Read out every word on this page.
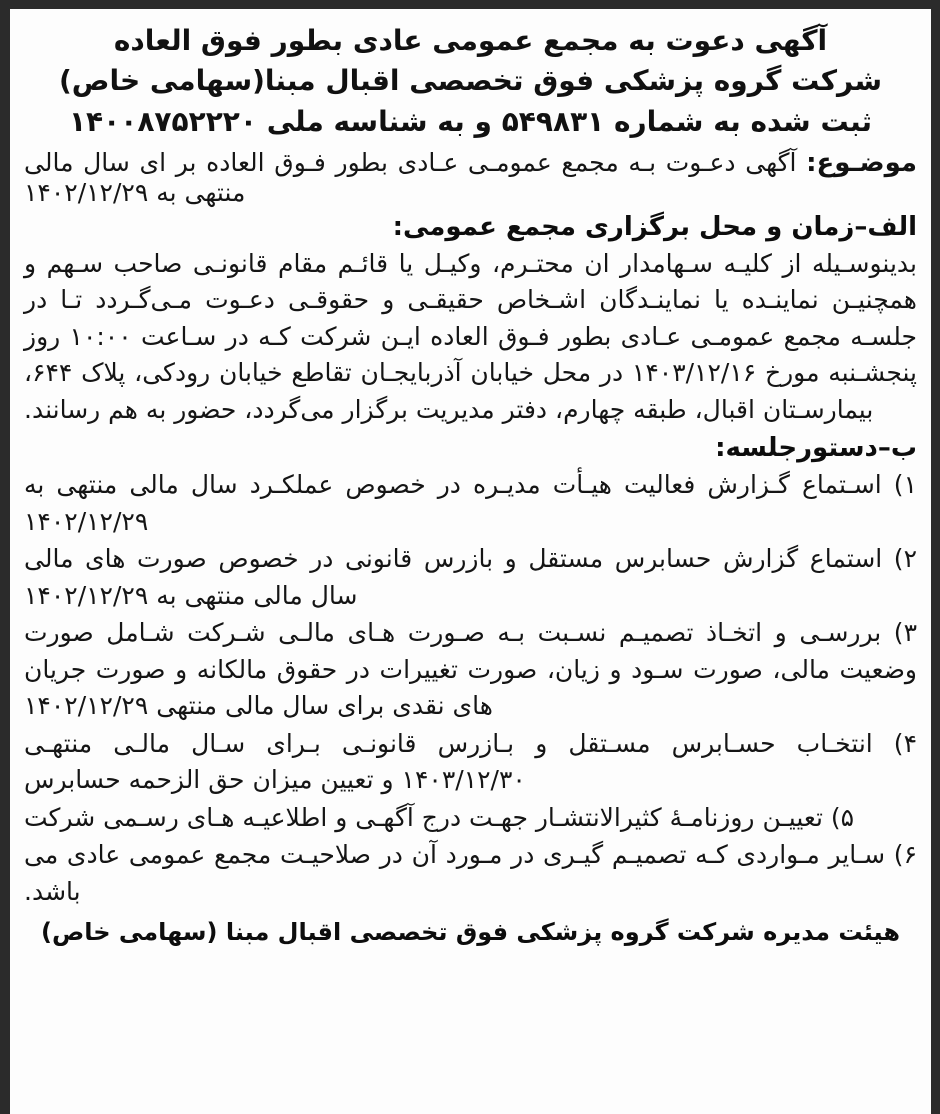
آگهی دعوت به مجمع عمومی عادی بطور فوق العاده
شرکت گروه پزشکی فوق تخصصی اقبال مبنا(سهامی خاص)
ثبت شده به شماره ۵۴۹۸۳۱ و به شناسه ملی ۱۴۰۰۸۷۵۲۲۲۰
موضـوع: آگهی دعـوت بـه مجمع عمومـی عـادی بطور فـوق العاده بر ای سال مالی منتهی به ۱۴۰۲/۱۲/۲۹
الف–زمان و محل برگزاری مجمع عمومی:

بدینوسـیله از کلیـه سـهامدار ان محتـرم، وکیـل یا قائـم مقام قانونـی صاحب سـهم و همچنیـن نماینـده یا نماینـدگان اشـخاص حقیقـی و حقوقـی دعـوت مـی‌گـردد تـا در جلسـه مجمع عمومـی عـادی بطور فـوق العاده ایـن شرکت کـه در سـاعت ۱۰:۰۰ روز پنجشـنبه مورخ ۱۴۰۳/۱۲/۱۶ در محل خیابان آذربایجـان تقاطع خیابان رودکی، پلاک ۶۴۴، بیمارسـتان اقبال، طبقه چهارم، دفتر مدیریت برگزار می‌گردد، حضور به هم رسانند.

ب–دستورجلسه:

۱) اسـتماع گـزارش فعالیت هیـأت مدیـره در خصوص عملکـرد سال مالی منتهی به ۱۴۰۲/۱۲/۲۹

۲) استماع گزارش حسابرس مستقل و بازرس قانونی در خصوص صورت های مالی سال مالی منتهی به ۱۴۰۲/۱۲/۲۹

۳) بررسـی و اتخـاذ تصمیـم نسـبت بـه صـورت هـای مالـی شـرکت شـامل صورت وضعیت مالی، صورت سـود و زیان، صورت تغییرات در حقوق مالکانه و صورت جریان های نقدی برای سال مالی منتهی ۱۴۰۲/۱۲/۲۹

۴) انتخـاب حسـابرس مسـتقل و بـازرس قانونـی بـرای سـال مالـی منتهـی ۱۴۰۳/۱۲/۳۰ و تعیین میزان حق الزحمه حسابرس

۵) تعییـن روزنامـهٔ کثیرالانتشـار جهـت درج آگهـی و اطلاعیـه هـای رسـمی شرکت

۶) سـایر مـواردی کـه تصمیـم گیـری در مـورد آن در صلاحیـت مجمع عمومی عادی می باشد.

هیئت مدیره شرکت گروه پزشکی فوق تخصصی اقبال مبنا (سهامی خاص)
